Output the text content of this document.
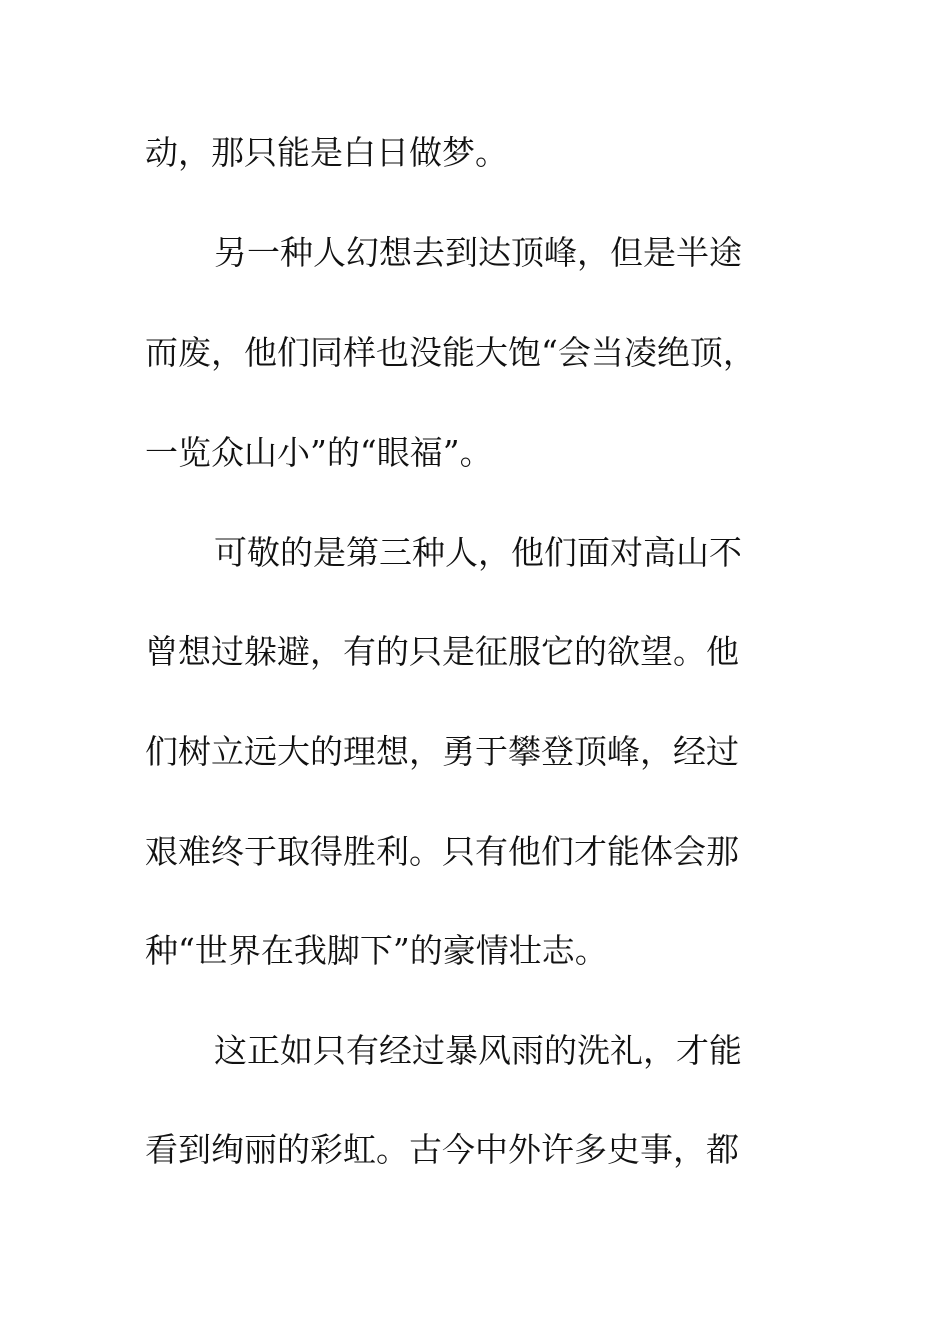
动，那只能是白日做梦。
另一种人幻想去到达顶峰，但是半途
而废，他们同样也没能大饱“会当凌绝顶，
一览众山小”的“眼福”。
可敬的是第三种人，他们面对高山不
曾想过躲避，有的只是征服它的欲望。他
们树立远大的理想，勇于攀登顶峰，经过
艰难终于取得胜利。只有他们才能体会那
种“世界在我脚下”的豪情壮志。
这正如只有经过暴风雨的洗礼，才能
看到绚丽的彩虹。古今中外许多史事，都
